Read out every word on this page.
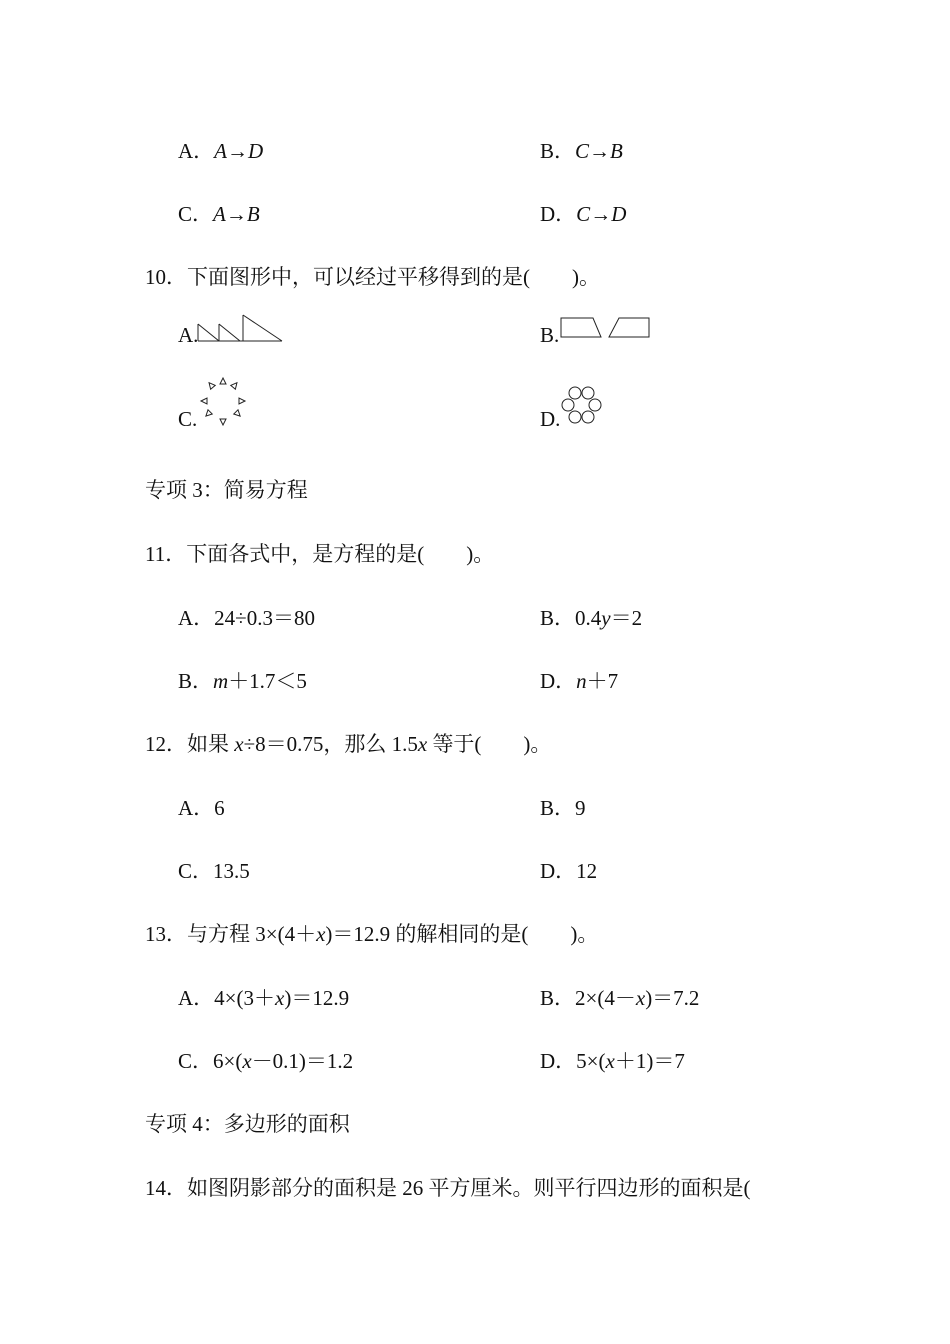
A．A→D	B．C→B
C．A→B	D．C→D
10．下面图形中，可以经过平移得到的是(　　)。
A.	B.
C.	D.
专项 3：简易方程
11．下面各式中，是方程的是(　　)。
A．24÷0.3＝80	B．0.4y＝2
B．m＋1.7＜5	D．n＋7
12．如果 x÷8＝0.75，那么 1.5x 等于(　　)。
A．6	B．9
C．13.5	D．12
13．与方程 3×(4＋x)＝12.9 的解相同的是(　　)。
A．4×(3＋x)＝12.9	B．2×(4－x)＝7.2
C．6×(x－0.1)＝1.2	D．5×(x＋1)＝7
专项 4：多边形的面积
14．如图阴影部分的面积是 26 平方厘米。则平行四边形的面积是(
